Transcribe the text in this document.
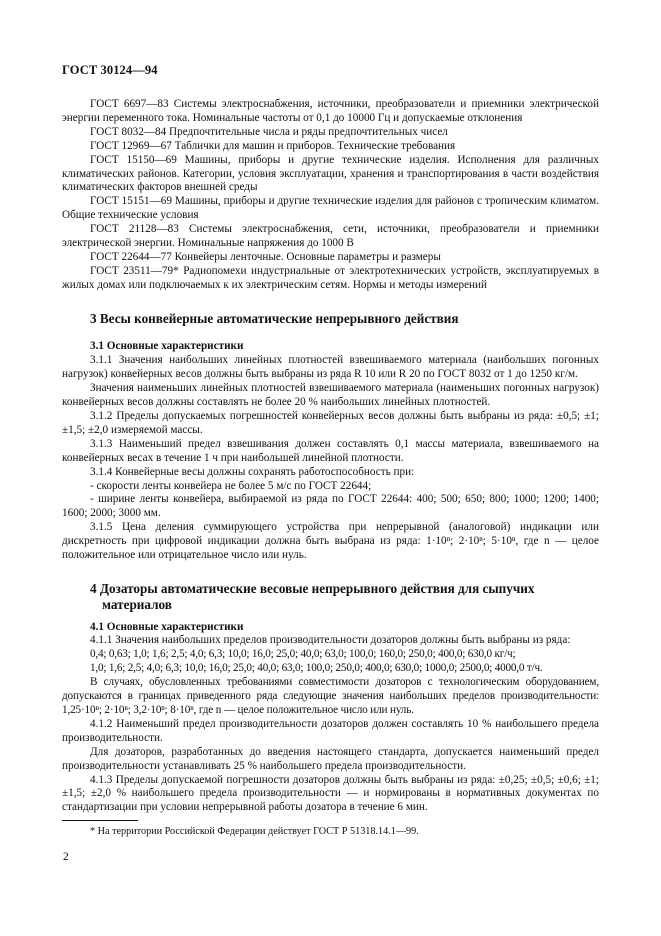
ГОСТ 30124—94

ГОСТ 6697—83 Системы электроснабжения, источники, преобразователи и приемники электрической энергии переменного тока. Номинальные частоты от 0,1 до 10000 Гц и допускаемые отклонения

ГОСТ 8032—84 Предпочтительные числа и ряды предпочтительных чисел

ГОСТ 12969—67 Таблички для машин и приборов. Технические требования

ГОСТ 15150—69 Машины, приборы и другие технические изделия. Исполнения для различных климатических районов. Категории, условия эксплуатации, хранения и транспортирования в части воздействия климатических факторов внешней среды

ГОСТ 15151—69 Машины, приборы и другие технические изделия для районов с тропическим климатом. Общие технические условия

ГОСТ 21128—83 Системы электроснабжения, сети, источники, преобразователи и приемники электрической энергии. Номинальные напряжения до 1000 В

ГОСТ 22644—77 Конвейеры ленточные. Основные параметры и размеры

ГОСТ 23511—79* Радиопомехи индустриальные от электротехнических устройств, эксплуатируемых в жилых домах или подключаемых к их электрическим сетям. Нормы и методы измерений

3 Весы конвейерные автоматические непрерывного действия

3.1 Основные характеристики

3.1.1 Значения наибольших линейных плотностей взвешиваемого материала (наибольших погонных нагрузок) конвейерных весов должны быть выбраны из ряда R 10 или R 20 по ГОСТ 8032 от 1 до 1250 кг/м.

Значения наименьших линейных плотностей взвешиваемого материала (наименьших погонных нагрузок) конвейерных весов должны составлять не более 20 % наибольших линейных плотностей.

3.1.2 Пределы допускаемых погрешностей конвейерных весов должны быть выбраны из ряда: ±0,5; ±1; ±1,5; ±2,0 измеряемой массы.

3.1.3 Наименьший предел взвешивания должен составлять 0,1 массы материала, взвешиваемого на конвейерных весах в течение 1 ч при наибольшей линейной плотности.

3.1.4 Конвейерные весы должны сохранять работоспособность при:

- скорости ленты конвейера не более 5 м/с по ГОСТ 22644;

- ширине ленты конвейера, выбираемой из ряда по ГОСТ 22644: 400; 500; 650; 800; 1000; 1200; 1400; 1600; 2000; 3000 мм.

3.1.5 Цена деления суммирующего устройства при непрерывной (аналоговой) индикации или дискретность при цифровой индикации должна быть выбрана из ряда: 1·10ⁿ; 2·10ⁿ; 5·10ⁿ, где n — целое положительное или отрицательное число или нуль.

4 Дозаторы автоматические весовые непрерывного действия для сыпучих
материалов

4.1 Основные характеристики

4.1.1 Значения наибольших пределов производительности дозаторов должны быть выбраны из ряда:

0,4; 0,63; 1,0; 1,6; 2,5; 4,0; 6,3; 10,0; 16,0; 25,0; 40,0; 63,0; 100,0; 160,0; 250,0; 400,0; 630,0 кг/ч;

1,0; 1,6; 2,5; 4,0; 6,3; 10,0; 16,0; 25,0; 40,0; 63,0; 100,0; 250,0; 400,0; 630,0; 1000,0; 2500,0; 4000,0 т/ч.

В случаях, обусловленных требованиями совместимости дозаторов с технологическим оборудованием, допускаются в границах приведенного ряда следующие значения наибольших пределов производительности: 1,25·10ⁿ; 2·10ⁿ; 3,2·10ⁿ; 8·10ⁿ, где n — целое положительное число или нуль.

4.1.2 Наименьший предел производительности дозаторов должен составлять 10 % наибольшего предела производительности.

Для дозаторов, разработанных до введения настоящего стандарта, допускается наименьший предел производительности устанавливать 25 % наибольшего предела производительности.

4.1.3 Пределы допускаемой погрешности дозаторов должны быть выбраны из ряда: ±0,25; ±0,5; ±0,6; ±1; ±1,5; ±2,0 % наибольшего предела производительности — и нормированы в нормативных документах по стандартизации при условии непрерывной работы дозатора в течение 6 мин.

* На территории Российской Федерации действует ГОСТ Р 51318.14.1—99.
2
